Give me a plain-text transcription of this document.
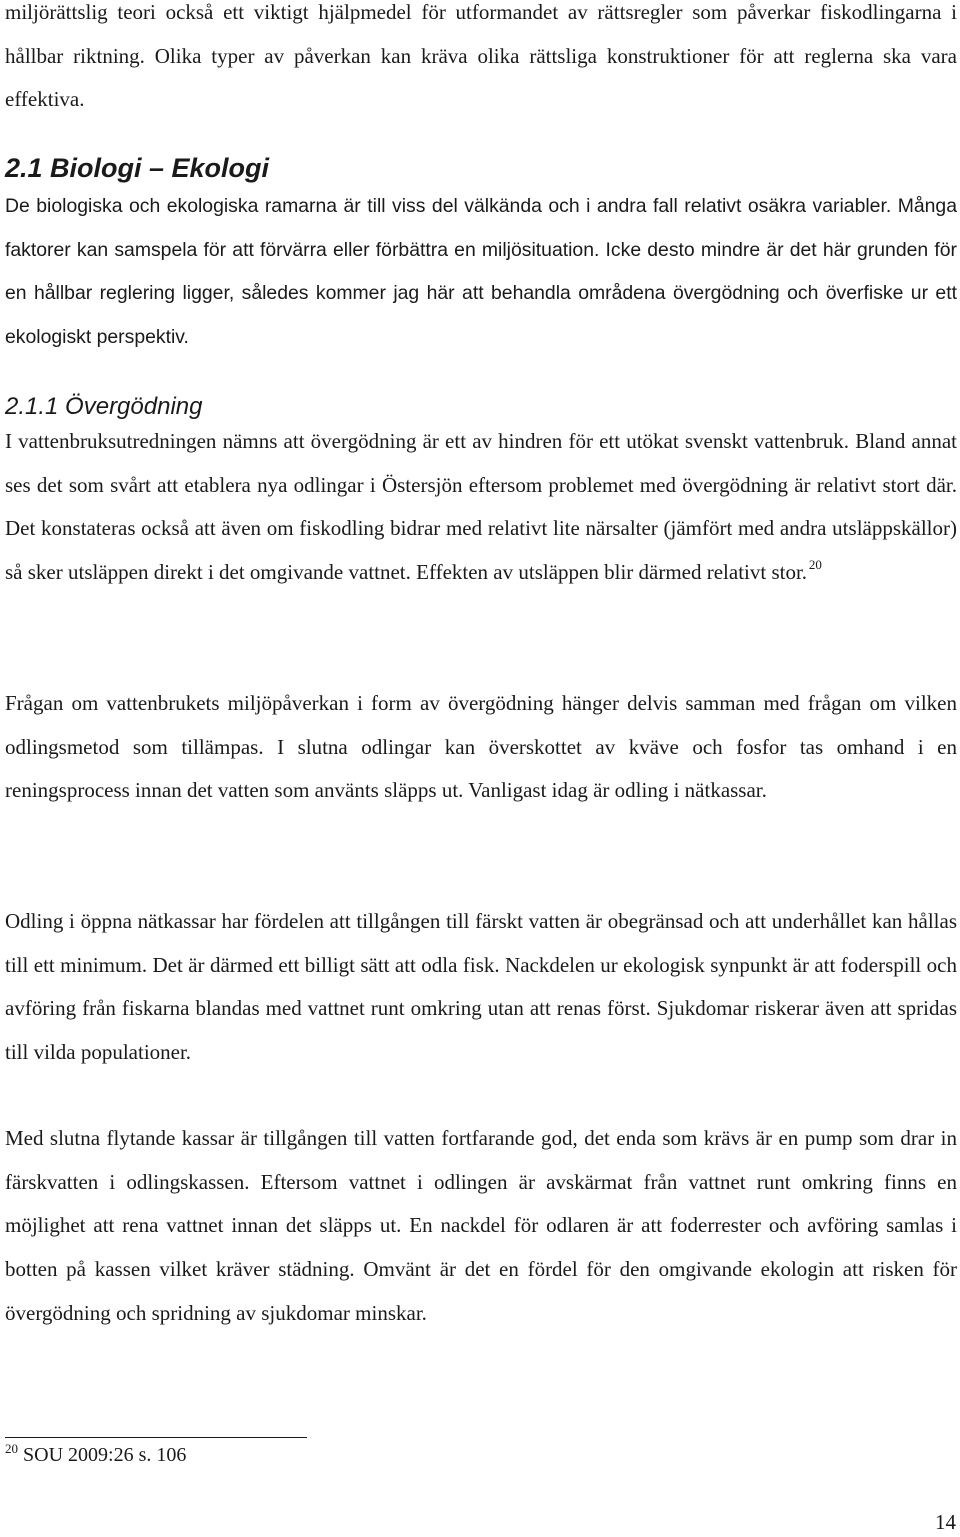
miljörättslig teori också ett viktigt hjälpmedel för utformandet av rättsregler som påverkar fiskodlingarna i hållbar riktning. Olika typer av påverkan kan kräva olika rättsliga konstruktioner för att reglerna ska vara effektiva.

2.1 Biologi – Ekologi

De biologiska och ekologiska ramarna är till viss del välkända och i andra fall relativt osäkra variabler. Många faktorer kan samspela för att förvärra eller förbättra en miljösituation. Icke desto mindre är det här grunden för en hållbar reglering ligger, således kommer jag här att behandla områdena övergödning och överfiske ur ett ekologiskt perspektiv.

2.1.1 Övergödning

I vattenbruksutredningen nämns att övergödning är ett av hindren för ett utökat svenskt vattenbruk. Bland annat ses det som svårt att etablera nya odlingar i Östersjön eftersom problemet med övergödning är relativt stort där. Det konstateras också att även om fiskodling bidrar med relativt lite närsalter (jämfört med andra utsläppskällor) så sker utsläppen direkt i det omgivande vattnet. Effekten av utsläppen blir därmed relativt stor.  $^{20}$

Frågan om vattenbrukets miljöpåverkan i form av övergödning hänger delvis samman med frågan om vilken odlingsmetod som tillämpas. I slutna odlingar kan överskottet av kväve och fosfor tas omhand i en reningsprocess innan det vatten som använts släpps ut. Vanligast idag är odling i nätkassar.

Odling i öppna nätkassar har fördelen att tillgången till färskt vatten är obegränsad och att underhållet kan hållas till ett minimum. Det är därmed ett billigt sätt att odla fisk. Nackdelen ur ekologisk synpunkt är att foderspill och avföring från fiskarna blandas med vattnet runt omkring utan att renas först. Sjukdomar riskerar även att spridas till vilda populationer.

Med slutna flytande kassar är tillgången till vatten fortfarande god, det enda som krävs är en pump som drar in färskvatten i odlingskassen. Eftersom vattnet i odlingen är avskärmat från vattnet runt omkring finns en möjlighet att rena vattnet innan det släpps ut. En nackdel för odlaren är att foderrester och avföring samlas i botten på kassen vilket kräver städning. Omvänt är det en fördel för den omgivande ekologin att risken för övergödning och spridning av sjukdomar minskar.

$^{20}$ SOU 2009:26 s. 106
14
